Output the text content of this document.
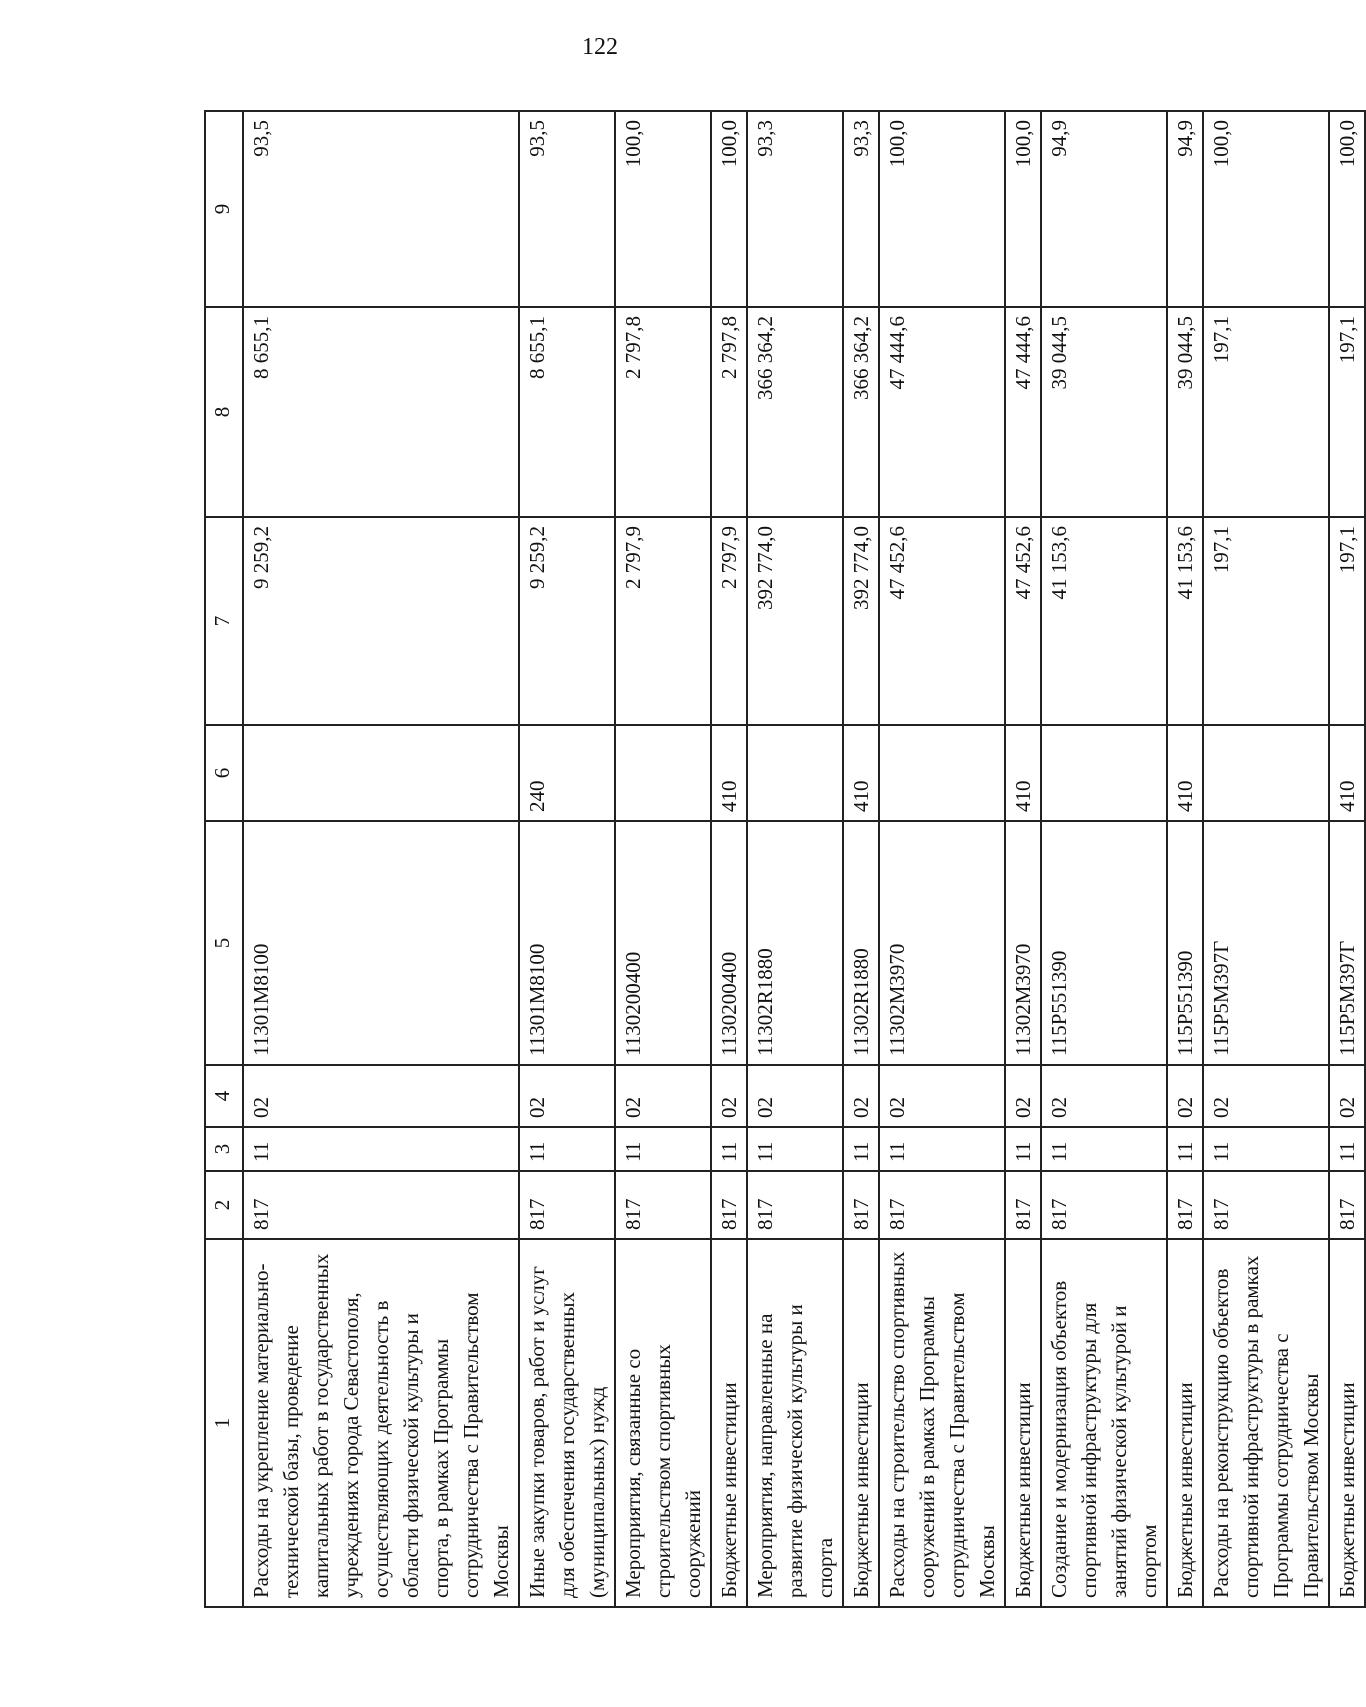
122
1	2	3	4	5	6	7	8	9
Расходы на укрепление материально-технической базы, проведение капитальных работ в государственных учреждениях города Севастополя, осуществляющих деятельность в области физической культуры и спорта, в рамках Программы сотрудничества с Правительством Москвы	817	11	02	11301М8100		9 259,2	8 655,1	93,5
Иные закупки товаров, работ и услуг для обеспечения государственных (муниципальных) нужд	817	11	02	11301М8100	240	9 259,2	8 655,1	93,5
Мероприятия, связанные со строительством спортивных сооружений	817	11	02	1130200400		2 797,9	2 797,8	100,0
Бюджетные инвестиции	817	11	02	1130200400	410	2 797,9	2 797,8	100,0
Мероприятия, направленные на развитие физической культуры и спорта	817	11	02	11302R1880		392 774,0	366 364,2	93,3
Бюджетные инвестиции	817	11	02	11302R1880	410	392 774,0	366 364,2	93,3
Расходы на строительство спортивных сооружений в рамках Программы сотрудничества с Правительством Москвы	817	11	02	11302М3970		47 452,6	47 444,6	100,0
Бюджетные инвестиции	817	11	02	11302М3970	410	47 452,6	47 444,6	100,0
Создание и модернизация объектов спортивной инфраструктуры для занятий физической культурой и спортом	817	11	02	115Р551390		41 153,6	39 044,5	94,9
Бюджетные инвестиции	817	11	02	115Р551390	410	41 153,6	39 044,5	94,9
Расходы на реконструкцию объектов спортивной инфраструктуры в рамках Программы сотрудничества с Правительством Москвы	817	11	02	115Р5М397Г		197,1	197,1	100,0
Бюджетные инвестиции	817	11	02	115Р5М397Г	410	197,1	197,1	100,0
